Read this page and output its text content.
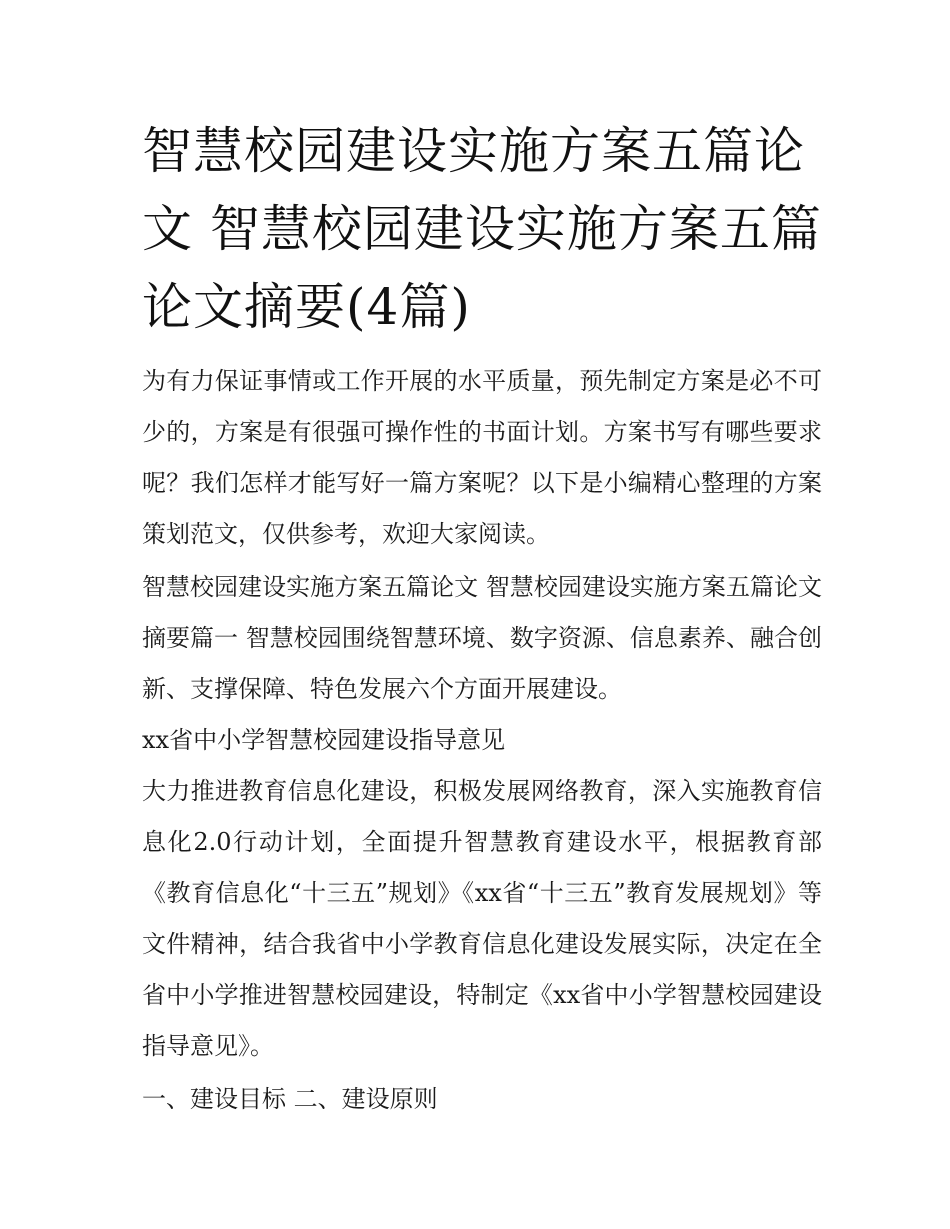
智慧校园建设实施方案五篇论文 智慧校园建设实施方案五篇论文摘要(4篇)

为有力保证事情或工作开展的水平质量，预先制定方案是必不可少的，方案是有很强可操作性的书面计划。方案书写有哪些要求呢？我们怎样才能写好一篇方案呢？以下是小编精心整理的方案策划范文，仅供参考，欢迎大家阅读。

智慧校园建设实施方案五篇论文 智慧校园建设实施方案五篇论文摘要篇一 智慧校园围绕智慧环境、数字资源、信息素养、融合创新、支撑保障、特色发展六个方面开展建设。

xx省中小学智慧校园建设指导意见

大力推进教育信息化建设，积极发展网络教育，深入实施教育信息化2.0行动计划，全面提升智慧教育建设水平，根据教育部《教育信息化“十三五”规划》《xx省“十三五”教育发展规划》等文件精神，结合我省中小学教育信息化建设发展实际，决定在全省中小学推进智慧校园建设，特制定《xx省中小学智慧校园建设指导意见》。

一、建设目标 二、建设原则
